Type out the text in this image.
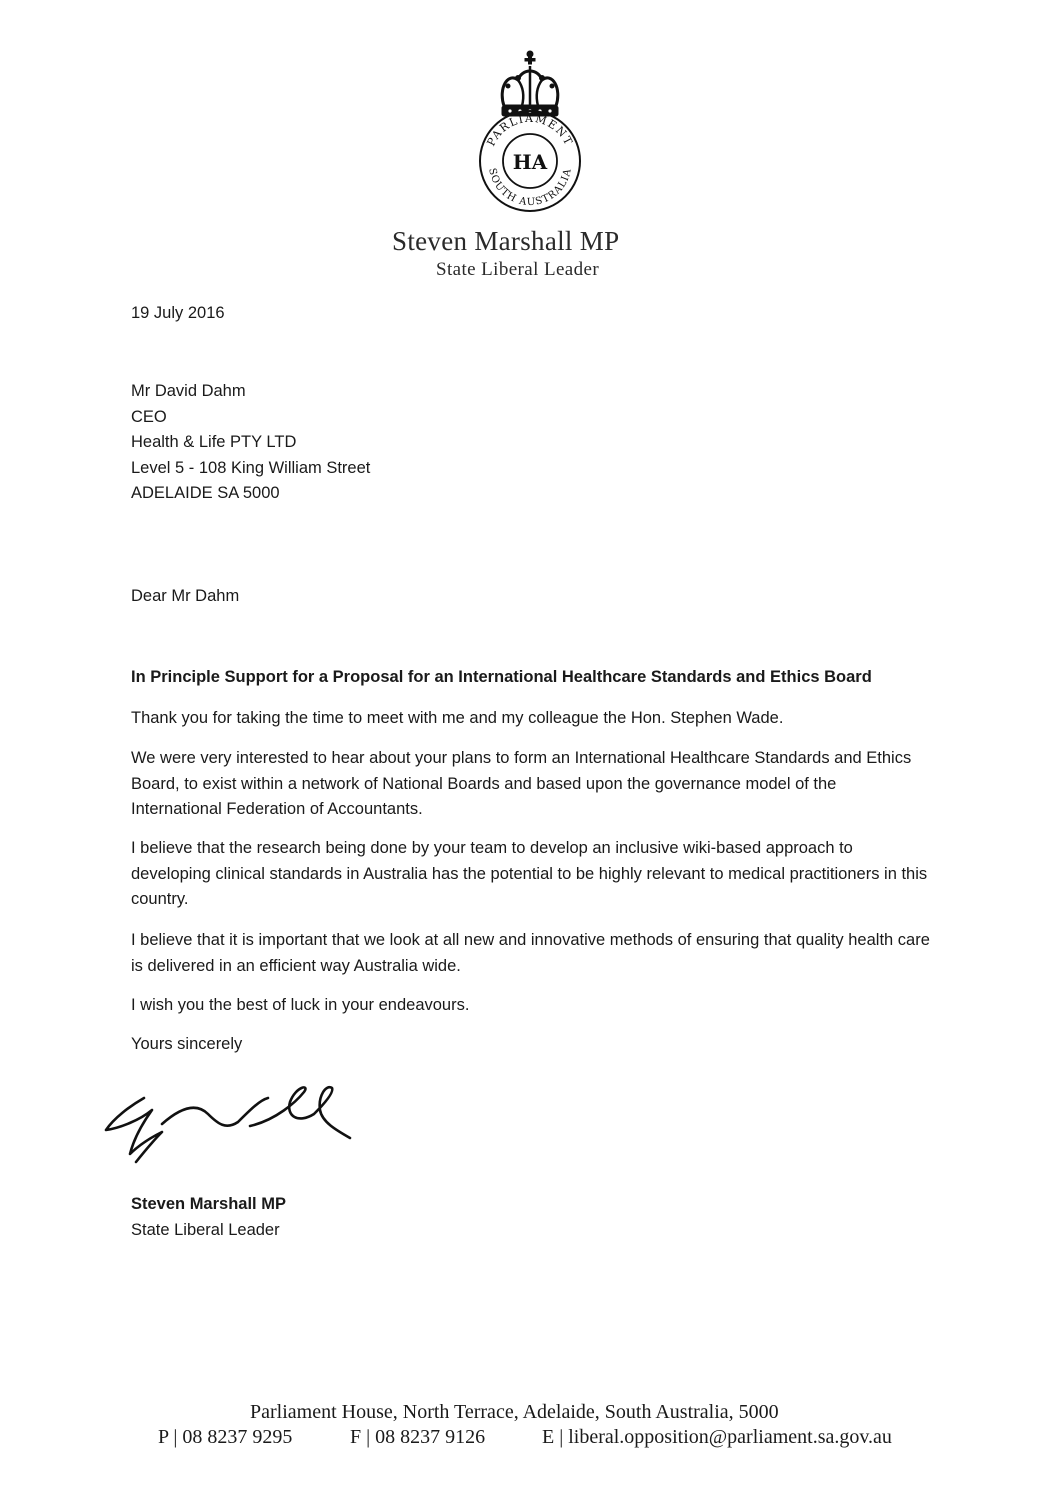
PARLIAMENT
SOUTH AUSTRALIA
HA
Steven Marshall MP
State Liberal Leader
19 July 2016
Mr David Dahm
CEO
Health & Life PTY LTD
Level 5 - 108 King William Street
ADELAIDE SA 5000
Dear Mr Dahm
In Principle Support for a Proposal for an International Healthcare Standards and Ethics Board
Thank you for taking the time to meet with me and my colleague the Hon. Stephen Wade.
We were very interested to hear about your plans to form an International Healthcare Standards and Ethics Board, to exist within a network of National Boards and based upon the governance model of the International Federation of Accountants.
I believe that the research being done by your team to develop an inclusive wiki-based approach to developing clinical standards in Australia has the potential to be highly relevant to medical practitioners in this country.
I believe that it is important that we look at all new and innovative methods of ensuring that quality health care is delivered in an efficient way Australia wide.
I wish you the best of luck in your endeavours.
Yours sincerely
Steven Marshall MP
State Liberal Leader
Parliament House, North Terrace, Adelaide, South Australia, 5000
P | 08 8237 9295	F | 08 8237 9126	E | liberal.opposition@parliament.sa.gov.au
